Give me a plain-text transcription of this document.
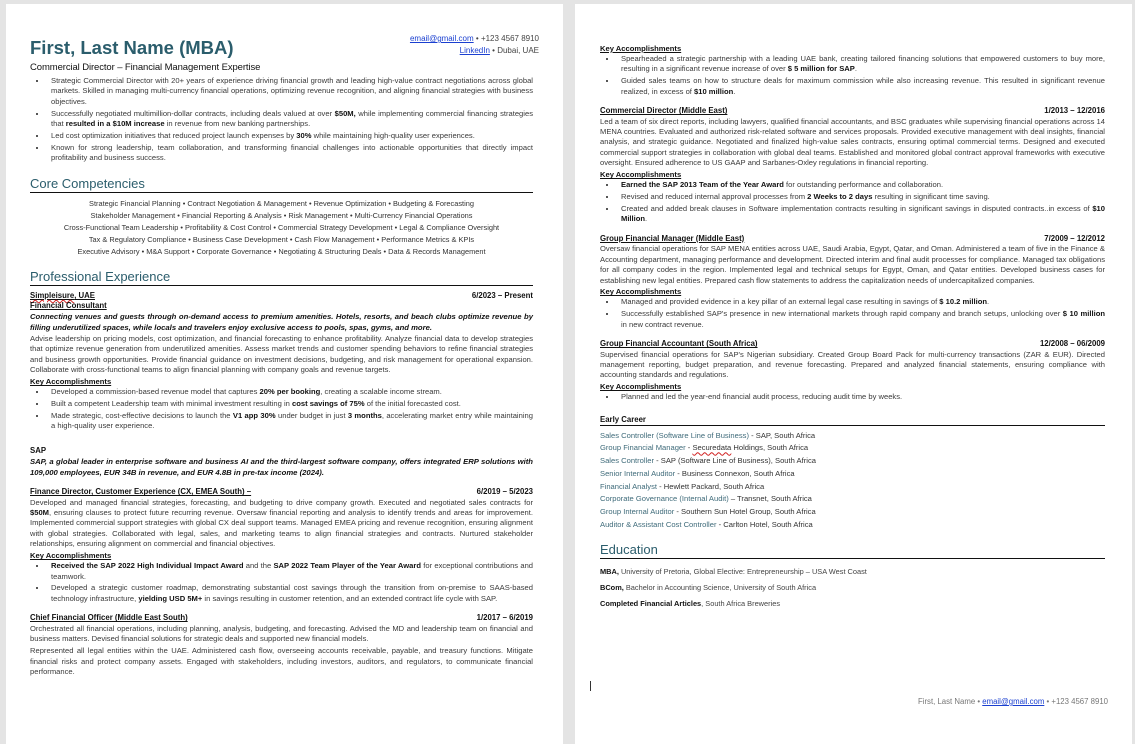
First, Last Name (MBA)	email@gmail.com • +123 4567 8910
LinkedIn • Dubai, UAE
Commercial Director – Financial Management Expertise
Strategic Commercial Director with 20+ years of experience driving financial growth and leading high-value contract negotiations across global markets. Skilled in managing multi-currency financial operations, optimizing revenue recognition, and aligning financial strategies with business objectives.
Successfully negotiated multimillion-dollar contracts, including deals valued at over $50M, while implementing commercial financing strategies that resulted in a $10M increase in revenue from new banking partnerships.
Led cost optimization initiatives that reduced project launch expenses by 30% while maintaining high-quality user experiences.
Known for strong leadership, team collaboration, and transforming financial challenges into actionable opportunities that directly impact profitability and business success.
Core Competencies
Strategic Financial Planning • Contract Negotiation & Management • Revenue Optimization • Budgeting & Forecasting
Stakeholder Management • Financial Reporting & Analysis • Risk Management • Multi-Currency Financial Operations
Cross-Functional Team Leadership • Profitability & Cost Control • Commercial Strategy Development • Legal & Compliance Oversight
Tax & Regulatory Compliance • Business Case Development • Cash Flow Management • Performance Metrics & KPIs
Executive Advisory • M&A Support • Corporate Governance • Negotiating & Structuring Deals • Data & Records Management
Professional Experience
Simpleisure, UAE	6/2023 – Present
Financial Consultant
Connecting venues and guests through on-demand access to premium amenities. Hotels, resorts, and beach clubs optimize revenue by filling underutilized spaces, while locals and travelers enjoy exclusive access to pools, spas, gyms, and more.
Advise leadership on pricing models, cost optimization, and financial forecasting to enhance profitability. Analyze financial data to develop strategies that optimize revenue generation from underutilized amenities. Assess market trends and customer spending behaviors to refine financial strategies and business growth opportunities. Provide financial guidance on investment decisions, budgeting, and risk management for operational expansion. Collaborate with cross-functional teams to align financial planning with company goals and revenue targets.
Key Accomplishments
Developed a commission-based revenue model that captures 20% per booking, creating a scalable income stream.
Built a competent Leadership team with minimal investment resulting in cost savings of 75% of the initial forecasted cost.
Made strategic, cost-effective decisions to launch the V1 app 30% under budget in just 3 months, accelerating market entry while maintaining a high-quality user experience.
SAP
SAP, a global leader in enterprise software and business AI and the third-largest software company, offers integrated ERP solutions with 109,000 employees, EUR 34B in revenue, and EUR 4.8B in pre-tax income (2024).
Finance Director, Customer Experience (CX, EMEA South) –	6/2019 – 5/2023
Developed and managed financial strategies, forecasting, and budgeting to drive company growth. Executed and negotiated sales contracts for $50M, ensuring clauses to protect future recurring revenue. Oversaw financial reporting and analysis to identify trends and areas for improvement. Implemented commercial support strategies with global CX deal support teams. Managed EMEA pricing and revenue recognition, ensuring alignment with global strategies. Collaborated with legal, sales, and marketing teams to align financial strategies and contracts. Nurtured stakeholder relationships, ensuring alignment on commercial and financial objectives.
Key Accomplishments
Received the SAP 2022 High Individual Impact Award and the SAP 2022 Team Player of the Year Award for exceptional contributions and teamwork.
Developed a strategic customer roadmap, demonstrating substantial cost savings through the transition from on-premise to SAAS-based technology infrastructure, yielding USD 5M+ in savings resulting in customer retention, and an extended contract life cycle with SAP.
Chief Financial Officer (Middle East South)	1/2017 – 6/2019
Orchestrated all financial operations, including planning, analysis, budgeting, and forecasting. Advised the MD and leadership team on financial and business matters. Devised financial solutions for strategic deals and supported new financial models.
Represented all legal entities within the UAE. Administered cash flow, overseeing accounts receivable, payable, and treasury functions. Mitigate financial risks and protect company assets. Engaged with stakeholders, including investors, auditors, and regulators, to communicate financial performance.
Key Accomplishments
Spearheaded a strategic partnership with a leading UAE bank, creating tailored financing solutions that empowered customers to buy more, resulting in a significant revenue increase of over $ 5 million for SAP.
Guided sales teams on how to structure deals for maximum commission while also increasing revenue. This resulted in significant revenue realized, in excess of $10 million.
Commercial Director (Middle East)	1/2013 – 12/2016
Led a team of six direct reports, including lawyers, qualified financial accountants, and BSC graduates while supervising financial operations across 14 MENA countries. Evaluated and authorized risk-related software and services proposals. Provided executive management with deal insights, financial analysis, and strategic guidance. Negotiated and finalized high-value sales contracts, ensuring optimal commercial terms. Designed and executed commercial support strategies in collaboration with global deal teams. Established and monitored global contract approval frameworks with executive oversight. Ensured adherence to US GAAP and Sarbanes-Oxley regulations in financial reporting.
Key Accomplishments
Earned the SAP 2013 Team of the Year Award for outstanding performance and collaboration.
Revised and reduced internal approval processes from 2 Weeks to 2 days resulting in significant time saving.
Created and added break clauses in Software implementation contracts resulting in significant savings in disputed contracts..in excess of $10 Million.
Group Financial Manager (Middle East)	7/2009 – 12/2012
Oversaw financial operations for SAP MENA entities across UAE, Saudi Arabia, Egypt, Qatar, and Oman. Administered a team of five in the Finance & Accounting department, managing performance and development. Directed interim and final audit processes for compliance. Managed tax obligations for all company codes in the region. Implemented legal and technical setups for Egypt, Oman, and Qatar entities. Developed business cases for establishing new legal entities. Prepared cash flow statements to address the capitalization needs of undercapitalized companies.
Key Accomplishments
Managed and provided evidence in a key pillar of an external legal case resulting in savings of $ 10.2 million.
Successfully established SAP's presence in new international markets through rapid company and branch setups, unlocking over $ 10 million in new contract revenue.
Group Financial Accountant (South Africa)	12/2008 – 06/2009
Supervised financial operations for SAP's Nigerian subsidiary. Created Group Board Pack for multi-currency transactions (ZAR & EUR). Directed management reporting, budget preparation, and revenue forecasting. Prepared and analyzed financial statements, ensuring compliance with accounting standards and regulations.
Key Accomplishments
Planned and led the year-end financial audit process, reducing audit time by weeks.
Early Career
Sales Controller (Software Line of Business) - SAP, South Africa
Group Financial Manager - Securedata Holdings, South Africa
Sales Controller - SAP (Software Line of Business), South Africa
Senior Internal Auditor - Business Connexon, South Africa
Financial Analyst - Hewlett Packard, South Africa
Corporate Governance (Internal Audit) – Transnet, South Africa
Group Internal Auditor - Southern Sun Hotel Group, South Africa
Auditor & Assistant Cost Controller - Carlton Hotel, South Africa
Education
MBA, University of Pretoria, Global Elective: Entrepreneurship – USA West Coast
BCom, Bachelor in Accounting Science, University of South Africa
Completed Financial Articles, South Africa Breweries
First, Last Name • email@gmail.com • +123 4567 8910
